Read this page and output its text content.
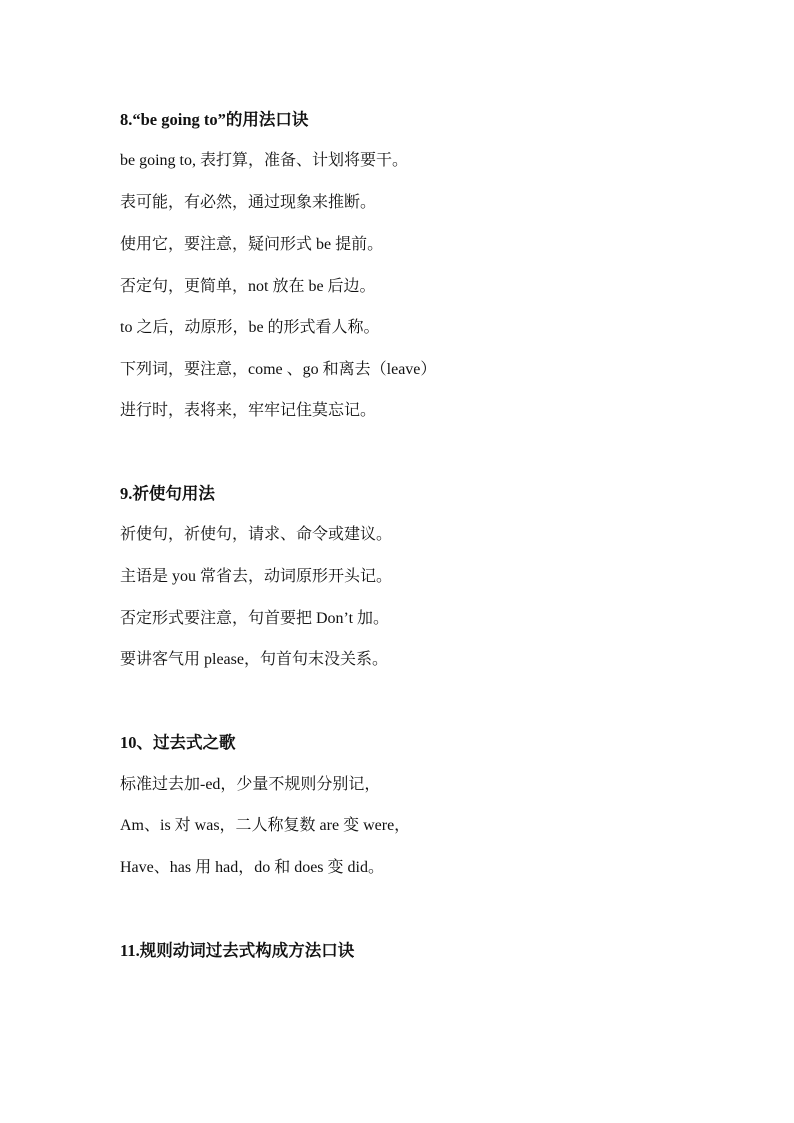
8.“be going to”的用法口诀
be going to, 表打算，准备、计划将要干。
表可能，有必然，通过现象来推断。
使用它，要注意，疑问形式 be 提前。
否定句，更简单，not 放在 be 后边。
to 之后，动原形，be 的形式看人称。
下列词，要注意，come 、go 和离去（leave）
进行时，表将来，牢牢记住莫忘记。
9.祈使句用法
祈使句，祈使句，请求、命令或建议。
主语是 you 常省去，动词原形开头记。
否定形式要注意，句首要把 Don’t 加。
要讲客气用 please，句首句末没关系。
10、过去式之歌
标准过去加-ed，少量不规则分别记，
Am、is 对 was，二人称复数 are 变 were，
Have、has 用 had，do 和 does 变 did。
11.规则动词过去式构成方法口诀
